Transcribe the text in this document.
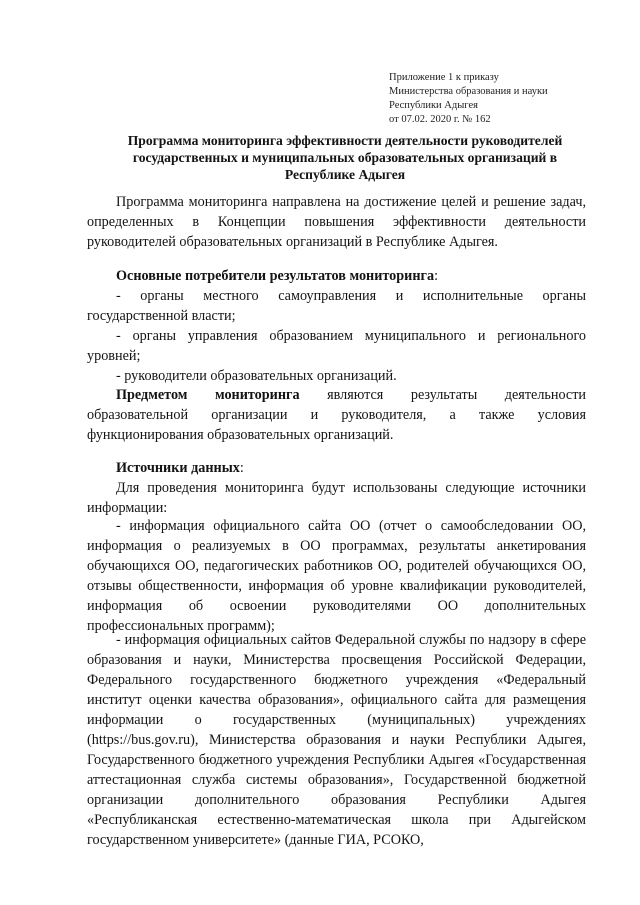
Приложение 1 к приказу
Министерства образования и науки
Республики Адыгея
от 07.02. 2020 г. № 162
Программа мониторинга эффективности деятельности руководителей
государственных и муниципальных образовательных организаций в
Республике Адыгея

Программа мониторинга направлена на достижение целей и решение задач, определенных в Концепции повышения эффективности деятельности руководителей образовательных организаций в Республике Адыгея.

Основные потребители результатов мониторинга:

- органы местного самоуправления и исполнительные органы государственной власти;

- органы управления образованием муниципального и регионального уровней;

- руководители образовательных организаций.

Предметом мониторинга являются результаты деятельности образовательной организации и руководителя, а также условия функционирования образовательных организаций.

Источники данных:

Для проведения мониторинга будут использованы следующие источники информации:

- информация официального сайта ОО (отчет о самообследовании ОО, информация о реализуемых в ОО программах, результаты анкетирования обучающихся ОО, педагогических работников ОО, родителей обучающихся ОО, отзывы общественности, информация об уровне квалификации руководителей, информация об освоении руководителями ОО дополнительных профессиональных программ);

- информация официальных сайтов Федеральной службы по надзору в сфере образования и науки, Министерства просвещения Российской Федерации, Федерального государственного бюджетного учреждения «Федеральный институт оценки качества образования», официального сайта для размещения информации о государственных (муниципальных) учреждениях (https://bus.gov.ru), Министерства образования и науки Республики Адыгея, Государственного бюджетного учреждения Республики Адыгея «Государственная аттестационная служба системы образования», Государственной бюджетной организации дополнительного образования Республики Адыгея «Республиканская естественно-математическая школа при Адыгейском государственном университете» (данные ГИА, РСОКО,
